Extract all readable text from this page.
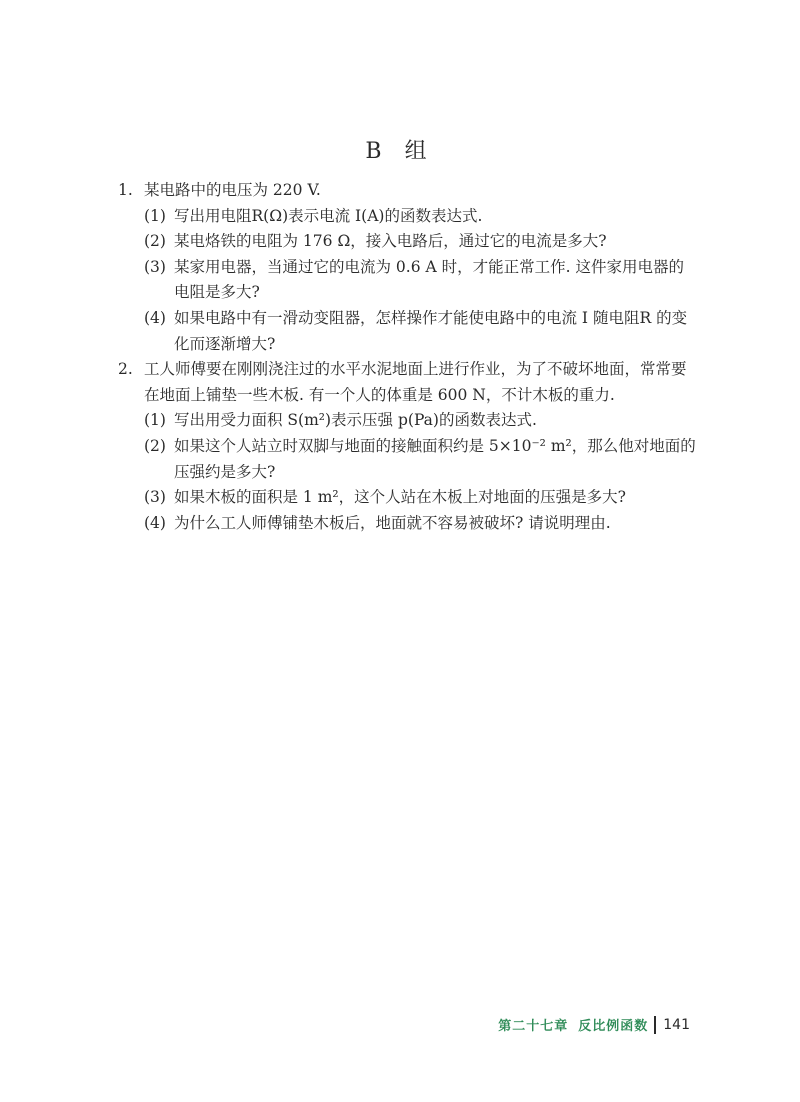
B 组
1. 某电路中的电压为 220 V.
(1) 写出用电阻R(Ω)表示电流 I(A)的函数表达式.
(2) 某电烙铁的电阻为 176 Ω，接入电路后，通过它的电流是多大?
(3) 某家用电器，当通过它的电流为 0.6 A 时，才能正常工作. 这件家用电器的电阻是多大?
(4) 如果电路中有一滑动变阻器，怎样操作才能使电路中的电流 I 随电阻R 的变化而逐渐增大?
2. 工人师傅要在刚刚浇注过的水平水泥地面上进行作业，为了不破坏地面，常常要在地面上铺垫一些木板. 有一个人的体重是 600 N，不计木板的重力.
(1) 写出用受力面积 S(m²)表示压强 p(Pa)的函数表达式.
(2) 如果这个人站立时双脚与地面的接触面积约是 5×10⁻² m²，那么他对地面的压强约是多大?
(3) 如果木板的面积是 1 m²，这个人站在木板上对地面的压强是多大?
(4) 为什么工人师傅铺垫木板后，地面就不容易被破坏? 请说明理由.
第二十七章 反比例函数 141
